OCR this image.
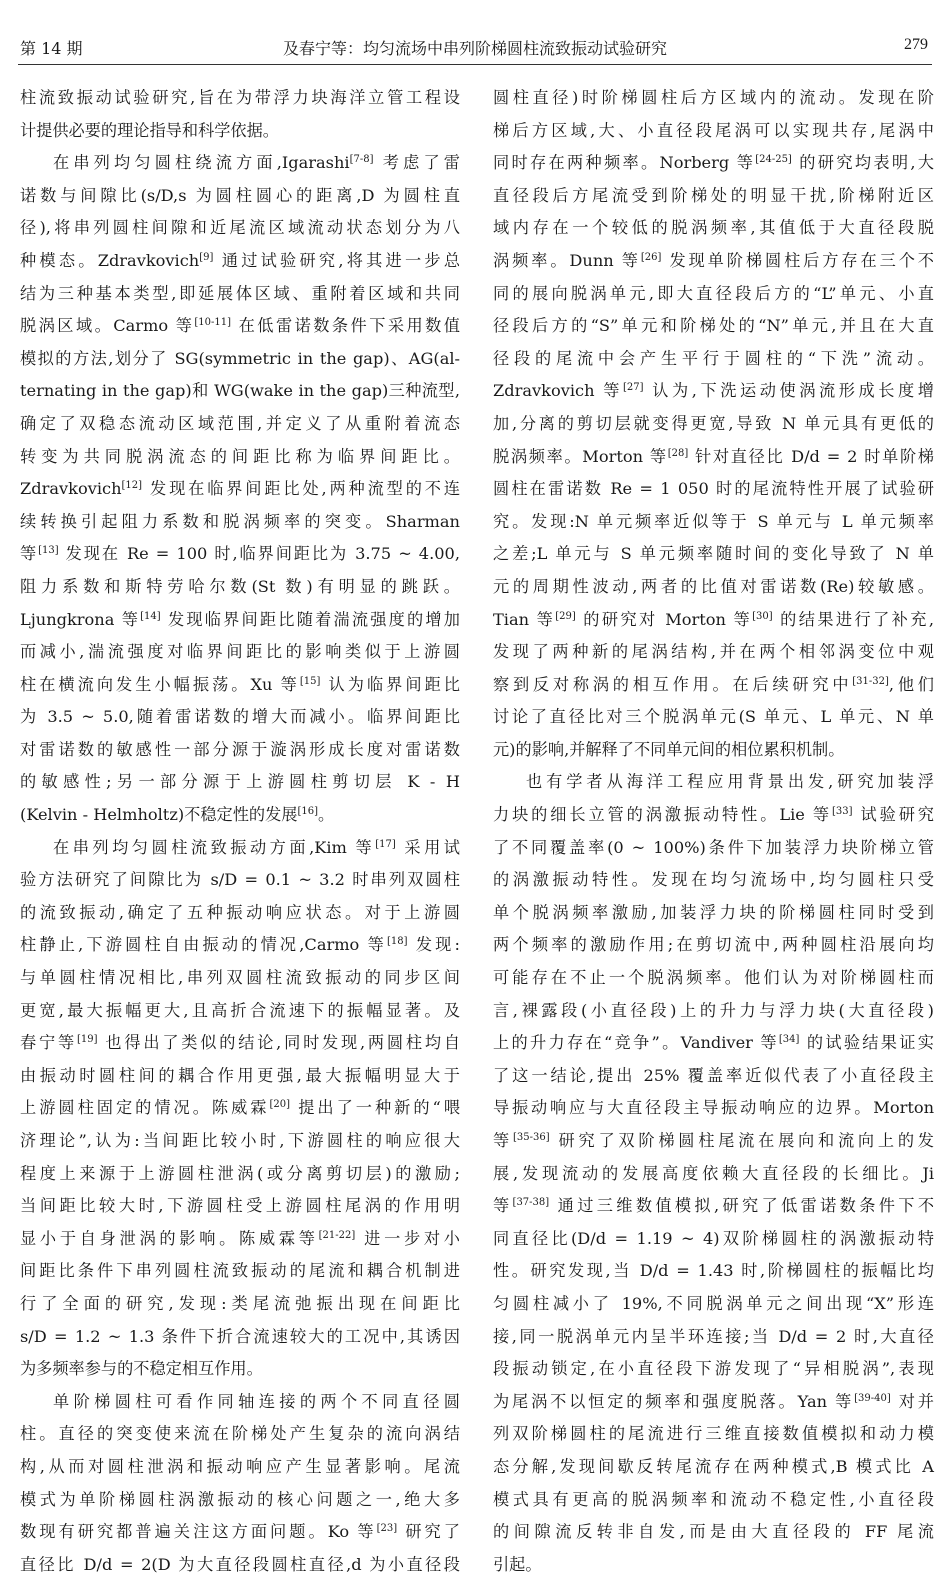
第 14 期	及春宁等：均匀流场中串列阶梯圆柱流致振动试验研究	279
柱流致振动试验研究,旨在为带浮力块海洋立管工程设
计提供必要的理论指导和科学依据。
在串列均匀圆柱绕流方面,Igarashi[7-8] 考虑了雷
诺数与间隙比(s/D,s 为圆柱圆心的距离,D 为圆柱直
径),将串列圆柱间隙和近尾流区域流动状态划分为八
种模态。Zdravkovich[9] 通过试验研究,将其进一步总
结为三种基本类型,即延展体区域、重附着区域和共同
脱涡区域。Carmo 等[10-11] 在低雷诺数条件下采用数值
模拟的方法,划分了 SG(symmetric in the gap)、AG(al-
ternating in the gap)和 WG(wake in the gap)三种流型,
确定了双稳态流动区域范围,并定义了从重附着流态
转变为共同脱涡流态的间距比称为临界间距比。
Zdravkovich[12] 发现在临界间距比处,两种流型的不连
续转换引起阻力系数和脱涡频率的突变。Sharman
等[13] 发现在 Re = 100 时,临界间距比为 3.75 ~ 4.00,
阻力系数和斯特劳哈尔数(St 数)有明显的跳跃。
Ljungkrona 等[14] 发现临界间距比随着湍流强度的增加
而减小,湍流强度对临界间距比的影响类似于上游圆
柱在横流向发生小幅振荡。Xu 等[15] 认为临界间距比
为 3.5 ~ 5.0,随着雷诺数的增大而减小。临界间距比
对雷诺数的敏感性一部分源于漩涡形成长度对雷诺数
的敏感性;另一部分源于上游圆柱剪切层 K - H
(Kelvin - Helmholtz)不稳定性的发展[16]。
在串列均匀圆柱流致振动方面,Kim 等[17] 采用试
验方法研究了间隙比为 s/D = 0.1 ~ 3.2 时串列双圆柱
的流致振动,确定了五种振动响应状态。对于上游圆
柱静止,下游圆柱自由振动的情况,Carmo 等[18] 发现:
与单圆柱情况相比,串列双圆柱流致振动的同步区间
更宽,最大振幅更大,且高折合流速下的振幅显著。及
春宁等[19] 也得出了类似的结论,同时发现,两圆柱均自
由振动时圆柱间的耦合作用更强,最大振幅明显大于
上游圆柱固定的情况。陈威霖[20] 提出了一种新的“喂
济理论”,认为:当间距比较小时,下游圆柱的响应很大
程度上来源于上游圆柱泄涡(或分离剪切层)的激励;
当间距比较大时,下游圆柱受上游圆柱尾涡的作用明
显小于自身泄涡的影响。陈威霖等[21-22] 进一步对小
间距比条件下串列圆柱流致振动的尾流和耦合机制进
行了全面的研究,发现:类尾流弛振出现在间距比
s/D = 1.2 ~ 1.3 条件下折合流速较大的工况中,其诱因
为多频率参与的不稳定相互作用。
单阶梯圆柱可看作同轴连接的两个不同直径圆
柱。直径的突变使来流在阶梯处产生复杂的流向涡结
构,从而对圆柱泄涡和振动响应产生显著影响。尾流
模式为单阶梯圆柱涡激振动的核心问题之一,绝大多
数现有研究都普遍关注这方面问题。Ko 等[23] 研究了
直径比 D/d = 2(D 为大直径段圆柱直径,d 为小直径段
圆柱直径)时阶梯圆柱后方区域内的流动。发现在阶
梯后方区域,大、小直径段尾涡可以实现共存,尾涡中
同时存在两种频率。Norberg 等[24-25] 的研究均表明,大
直径段后方尾流受到阶梯处的明显干扰,阶梯附近区
域内存在一个较低的脱涡频率,其值低于大直径段脱
涡频率。Dunn 等[26] 发现单阶梯圆柱后方存在三个不
同的展向脱涡单元,即大直径段后方的“L”单元、小直
径段后方的“S”单元和阶梯处的“N”单元,并且在大直
径段的尾流中会产生平行于圆柱的“下洗”流动。
Zdravkovich 等[27] 认为,下洗运动使涡流形成长度增
加,分离的剪切层就变得更宽,导致 N 单元具有更低的
脱涡频率。Morton 等[28] 针对直径比 D/d = 2 时单阶梯
圆柱在雷诺数 Re = 1 050 时的尾流特性开展了试验研
究。发现:N 单元频率近似等于 S 单元与 L 单元频率
之差;L 单元与 S 单元频率随时间的变化导致了 N 单
元的周期性波动,两者的比值对雷诺数(Re)较敏感。
Tian 等[29] 的研究对 Morton 等[30] 的结果进行了补充,
发现了两种新的尾涡结构,并在两个相邻涡变位中观
察到反对称涡的相互作用。在后续研究中[31-32],他们
讨论了直径比对三个脱涡单元(S 单元、L 单元、N 单
元)的影响,并解释了不同单元间的相位累积机制。
也有学者从海洋工程应用背景出发,研究加装浮
力块的细长立管的涡激振动特性。Lie 等[33] 试验研究
了不同覆盖率(0 ~ 100%)条件下加装浮力块阶梯立管
的涡激振动特性。发现在均匀流场中,均匀圆柱只受
单个脱涡频率激励,加装浮力块的阶梯圆柱同时受到
两个频率的激励作用;在剪切流中,两种圆柱沿展向均
可能存在不止一个脱涡频率。他们认为对阶梯圆柱而
言,裸露段(小直径段)上的升力与浮力块(大直径段)
上的升力存在“竞争”。Vandiver 等[34] 的试验结果证实
了这一结论,提出 25% 覆盖率近似代表了小直径段主
导振动响应与大直径段主导振动响应的边界。Morton
等[35-36] 研究了双阶梯圆柱尾流在展向和流向上的发
展,发现流动的发展高度依赖大直径段的长细比。Ji
等[37-38] 通过三维数值模拟,研究了低雷诺数条件下不
同直径比(D/d = 1.19 ~ 4)双阶梯圆柱的涡激振动特
性。研究发现,当 D/d = 1.43 时,阶梯圆柱的振幅比均
匀圆柱减小了 19%,不同脱涡单元之间出现“X”形连
接,同一脱涡单元内呈半环连接;当 D/d = 2 时,大直径
段振动锁定,在小直径段下游发现了“异相脱涡”,表现
为尾涡不以恒定的频率和强度脱落。Yan 等[39-40] 对并
列双阶梯圆柱的尾流进行三维直接数值模拟和动力模
态分解,发现间歇反转尾流存在两种模式,B 模式比 A
模式具有更高的脱涡频率和流动不稳定性,小直径段
的间隙流反转非自发,而是由大直径段的 FF 尾流
引起。
